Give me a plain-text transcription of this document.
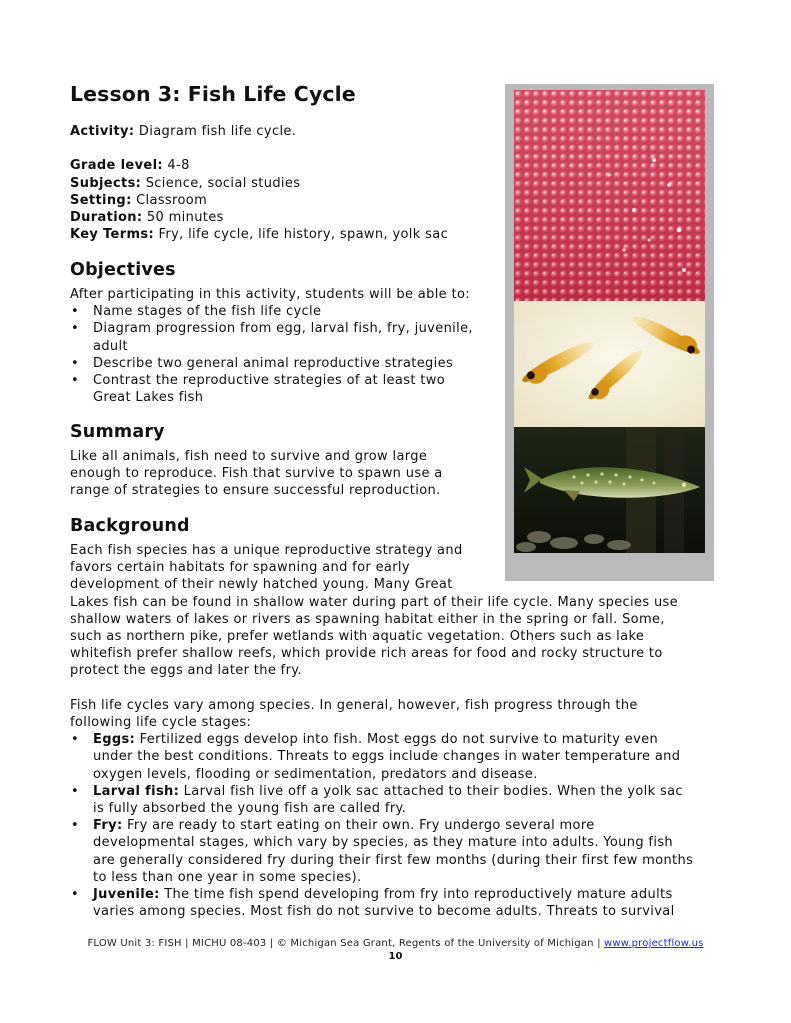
Lesson 3: Fish Life Cycle
Activity: Diagram fish life cycle.
Grade level: 4-8
Subjects: Science, social studies
Setting: Classroom
Duration: 50 minutes
Key Terms: Fry, life cycle, life history, spawn, yolk sac
Objectives
After participating in this activity, students will be able to:
• Name stages of the fish life cycle
• Diagram progression from egg, larval fish, fry, juvenile,
adult
• Describe two general animal reproductive strategies
• Contrast the reproductive strategies of at least two
Great Lakes fish
Summary
Like all animals, fish need to survive and grow large
enough to reproduce. Fish that survive to spawn use a
range of strategies to ensure successful reproduction.
Background
Each fish species has a unique reproductive strategy and
favors certain habitats for spawning and for early
development of their newly hatched young. Many Great
Lakes fish can be found in shallow water during part of their life cycle. Many species use
shallow waters of lakes or rivers as spawning habitat either in the spring or fall. Some,
such as northern pike, prefer wetlands with aquatic vegetation. Others such as lake
whitefish prefer shallow reefs, which provide rich areas for food and rocky structure to
protect the eggs and later the fry.
Fish life cycles vary among species. In general, however, fish progress through the
following life cycle stages:
• Eggs: Fertilized eggs develop into fish. Most eggs do not survive to maturity even
under the best conditions. Threats to eggs include changes in water temperature and
oxygen levels, flooding or sedimentation, predators and disease.
• Larval fish: Larval fish live off a yolk sac attached to their bodies. When the yolk sac
is fully absorbed the young fish are called fry.
• Fry: Fry are ready to start eating on their own. Fry undergo several more
developmental stages, which vary by species, as they mature into adults. Young fish
are generally considered fry during their first few months (during their first few months
to less than one year in some species).
• Juvenile: The time fish spend developing from fry into reproductively mature adults
varies among species. Most fish do not survive to become adults. Threats to survival
FLOW Unit 3: FISH | MICHU 08-403 | © Michigan Sea Grant, Regents of the University of Michigan | www.projectflow.us
10
